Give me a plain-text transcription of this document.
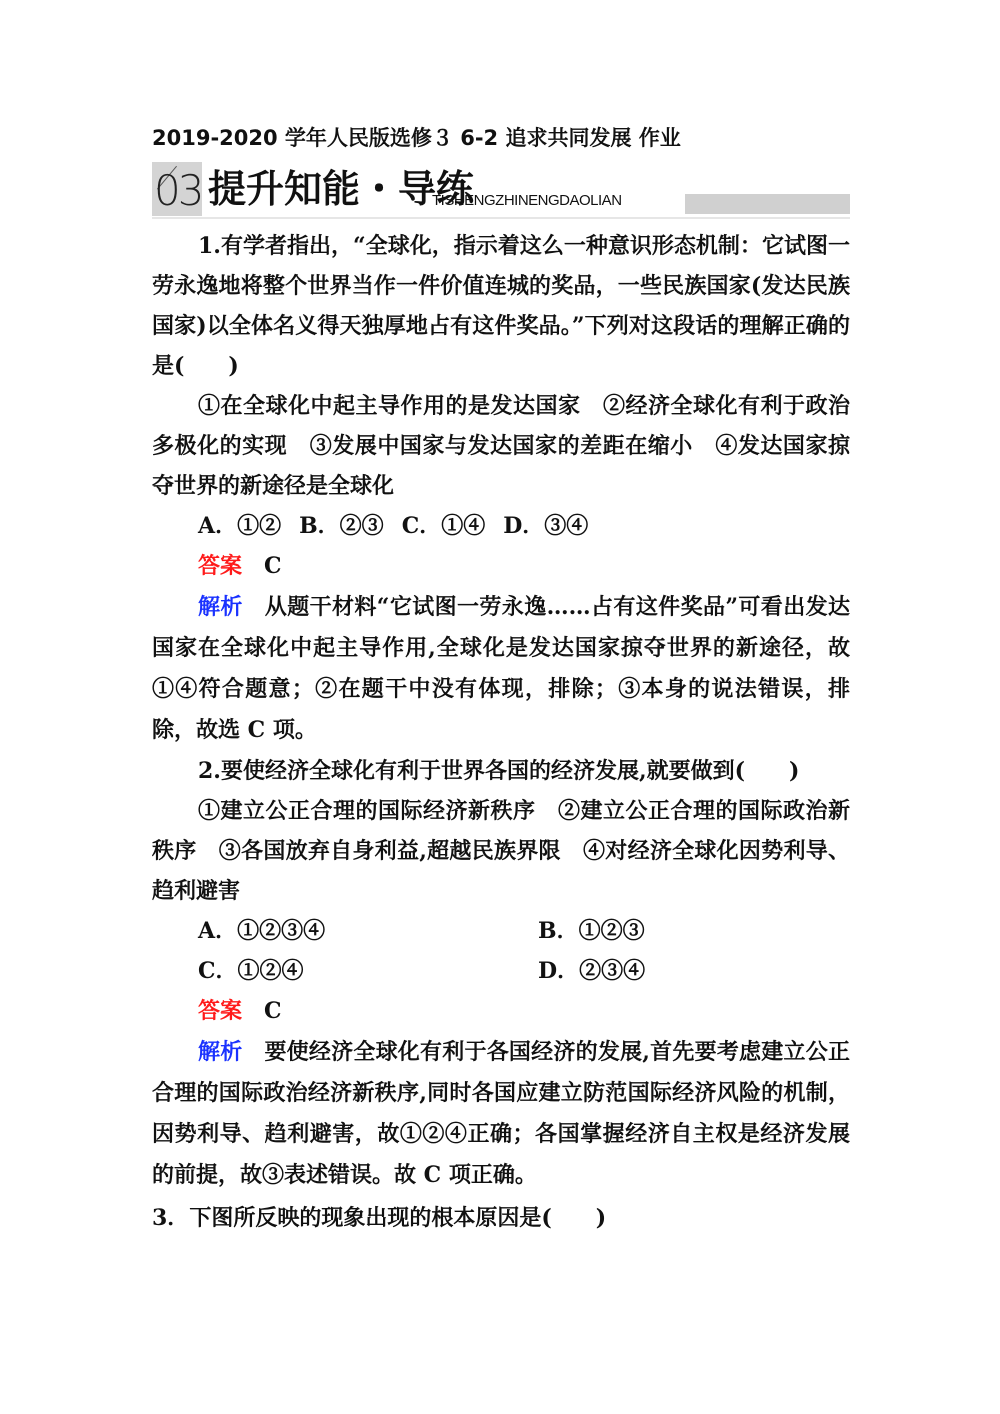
2019-2020 学年人民版选修３ 6-2 追求共同发展 作业
03 提升知能・导练
TISHENGZHINENGDAOLIAN

1.有学者指出，“全球化，指示着这么一种意识形态机制：它试图一劳永逸地将整个世界当作一件价值连城的奖品，一些民族国家(发达民族国家)以全体名义得天独厚地占有这件奖品。”下列对这段话的理解正确的是(　　)

①在全球化中起主导作用的是发达国家　②经济全球化有利于政治多极化的实现　③发展中国家与发达国家的差距在缩小　④发达国家掠夺世界的新途径是全球化

A．①② B．②③ C．①④ D．③④

答案 C

解析 从题干材料“它试图一劳永逸……占有这件奖品”可看出发达国家在全球化中起主导作用,全球化是发达国家掠夺世界的新途径，故①④符合题意；②在题干中没有体现，排除；③本身的说法错误，排除，故选 C 项。

2.要使经济全球化有利于世界各国的经济发展,就要做到(　　)

①建立公正合理的国际经济新秩序　②建立公正合理的国际政治新秩序　③各国放弃自身利益,超越民族界限　④对经济全球化因势利导、趋利避害

A．①②③④	B．①②③
C．①②④	D．②③④

答案 C

解析 要使经济全球化有利于各国经济的发展,首先要考虑建立公正合理的国际政治经济新秩序,同时各国应建立防范国际经济风险的机制，因势利导、趋利避害，故①②④正确；各国掌握经济自主权是经济发展的前提，故③表述错误。故 C 项正确。

3．下图所反映的现象出现的根本原因是(　　)
